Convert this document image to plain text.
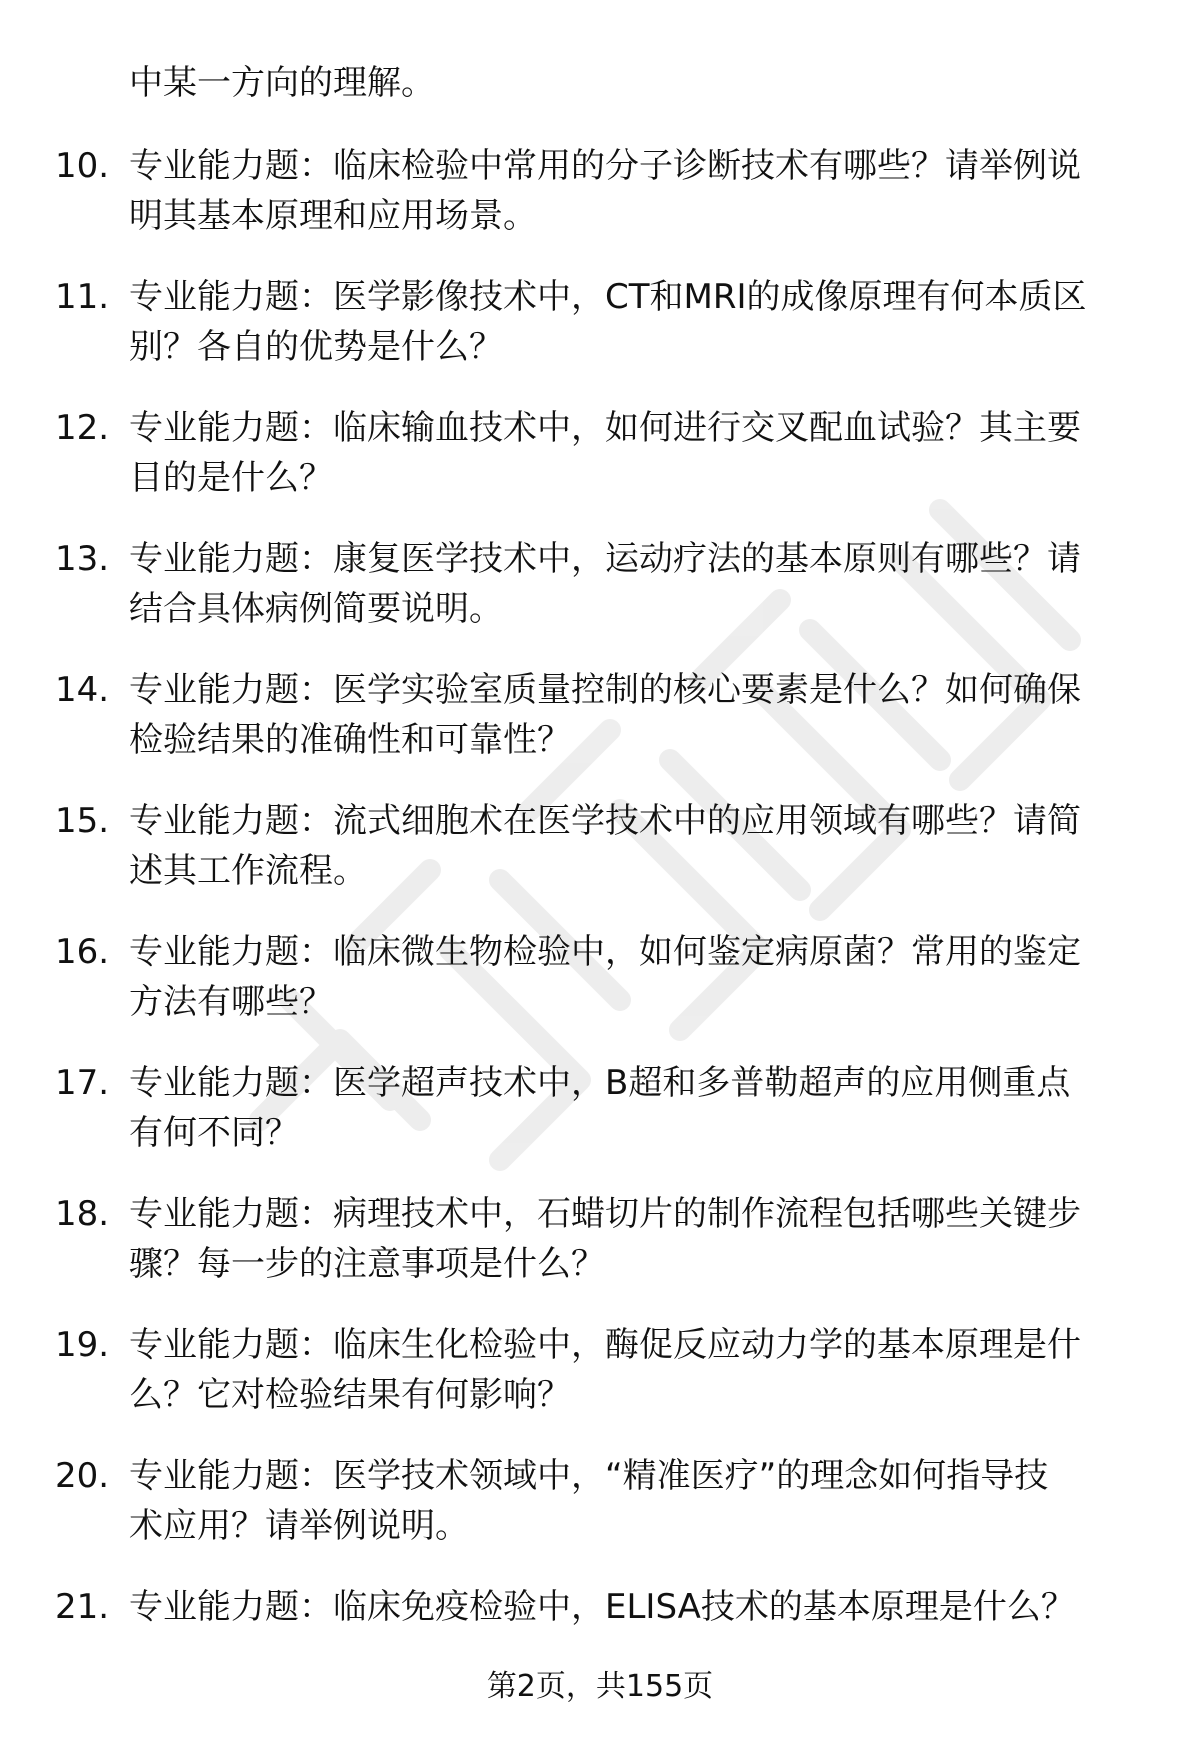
中某一方向的理解。
10. 专业能力题：临床检验中常用的分子诊断技术有哪些？请举例说
明其基本原理和应用场景。
11. 专业能力题：医学影像技术中，CT和MRI的成像原理有何本质区
别？各自的优势是什么？
12. 专业能力题：临床输血技术中，如何进行交叉配血试验？其主要
目的是什么？
13. 专业能力题：康复医学技术中，运动疗法的基本原则有哪些？请
结合具体病例简要说明。
14. 专业能力题：医学实验室质量控制的核心要素是什么？如何确保
检验结果的准确性和可靠性？
15. 专业能力题：流式细胞术在医学技术中的应用领域有哪些？请简
述其工作流程。
16. 专业能力题：临床微生物检验中，如何鉴定病原菌？常用的鉴定
方法有哪些？
17. 专业能力题：医学超声技术中，B超和多普勒超声的应用侧重点
有何不同？
18. 专业能力题：病理技术中，石蜡切片的制作流程包括哪些关键步
骤？每一步的注意事项是什么？
19. 专业能力题：临床生化检验中，酶促反应动力学的基本原理是什
么？它对检验结果有何影响？
20. 专业能力题：医学技术领域中，“精准医疗”的理念如何指导技
术应用？请举例说明。
21. 专业能力题：临床免疫检验中，ELISA技术的基本原理是什么？
第2页，共155页
